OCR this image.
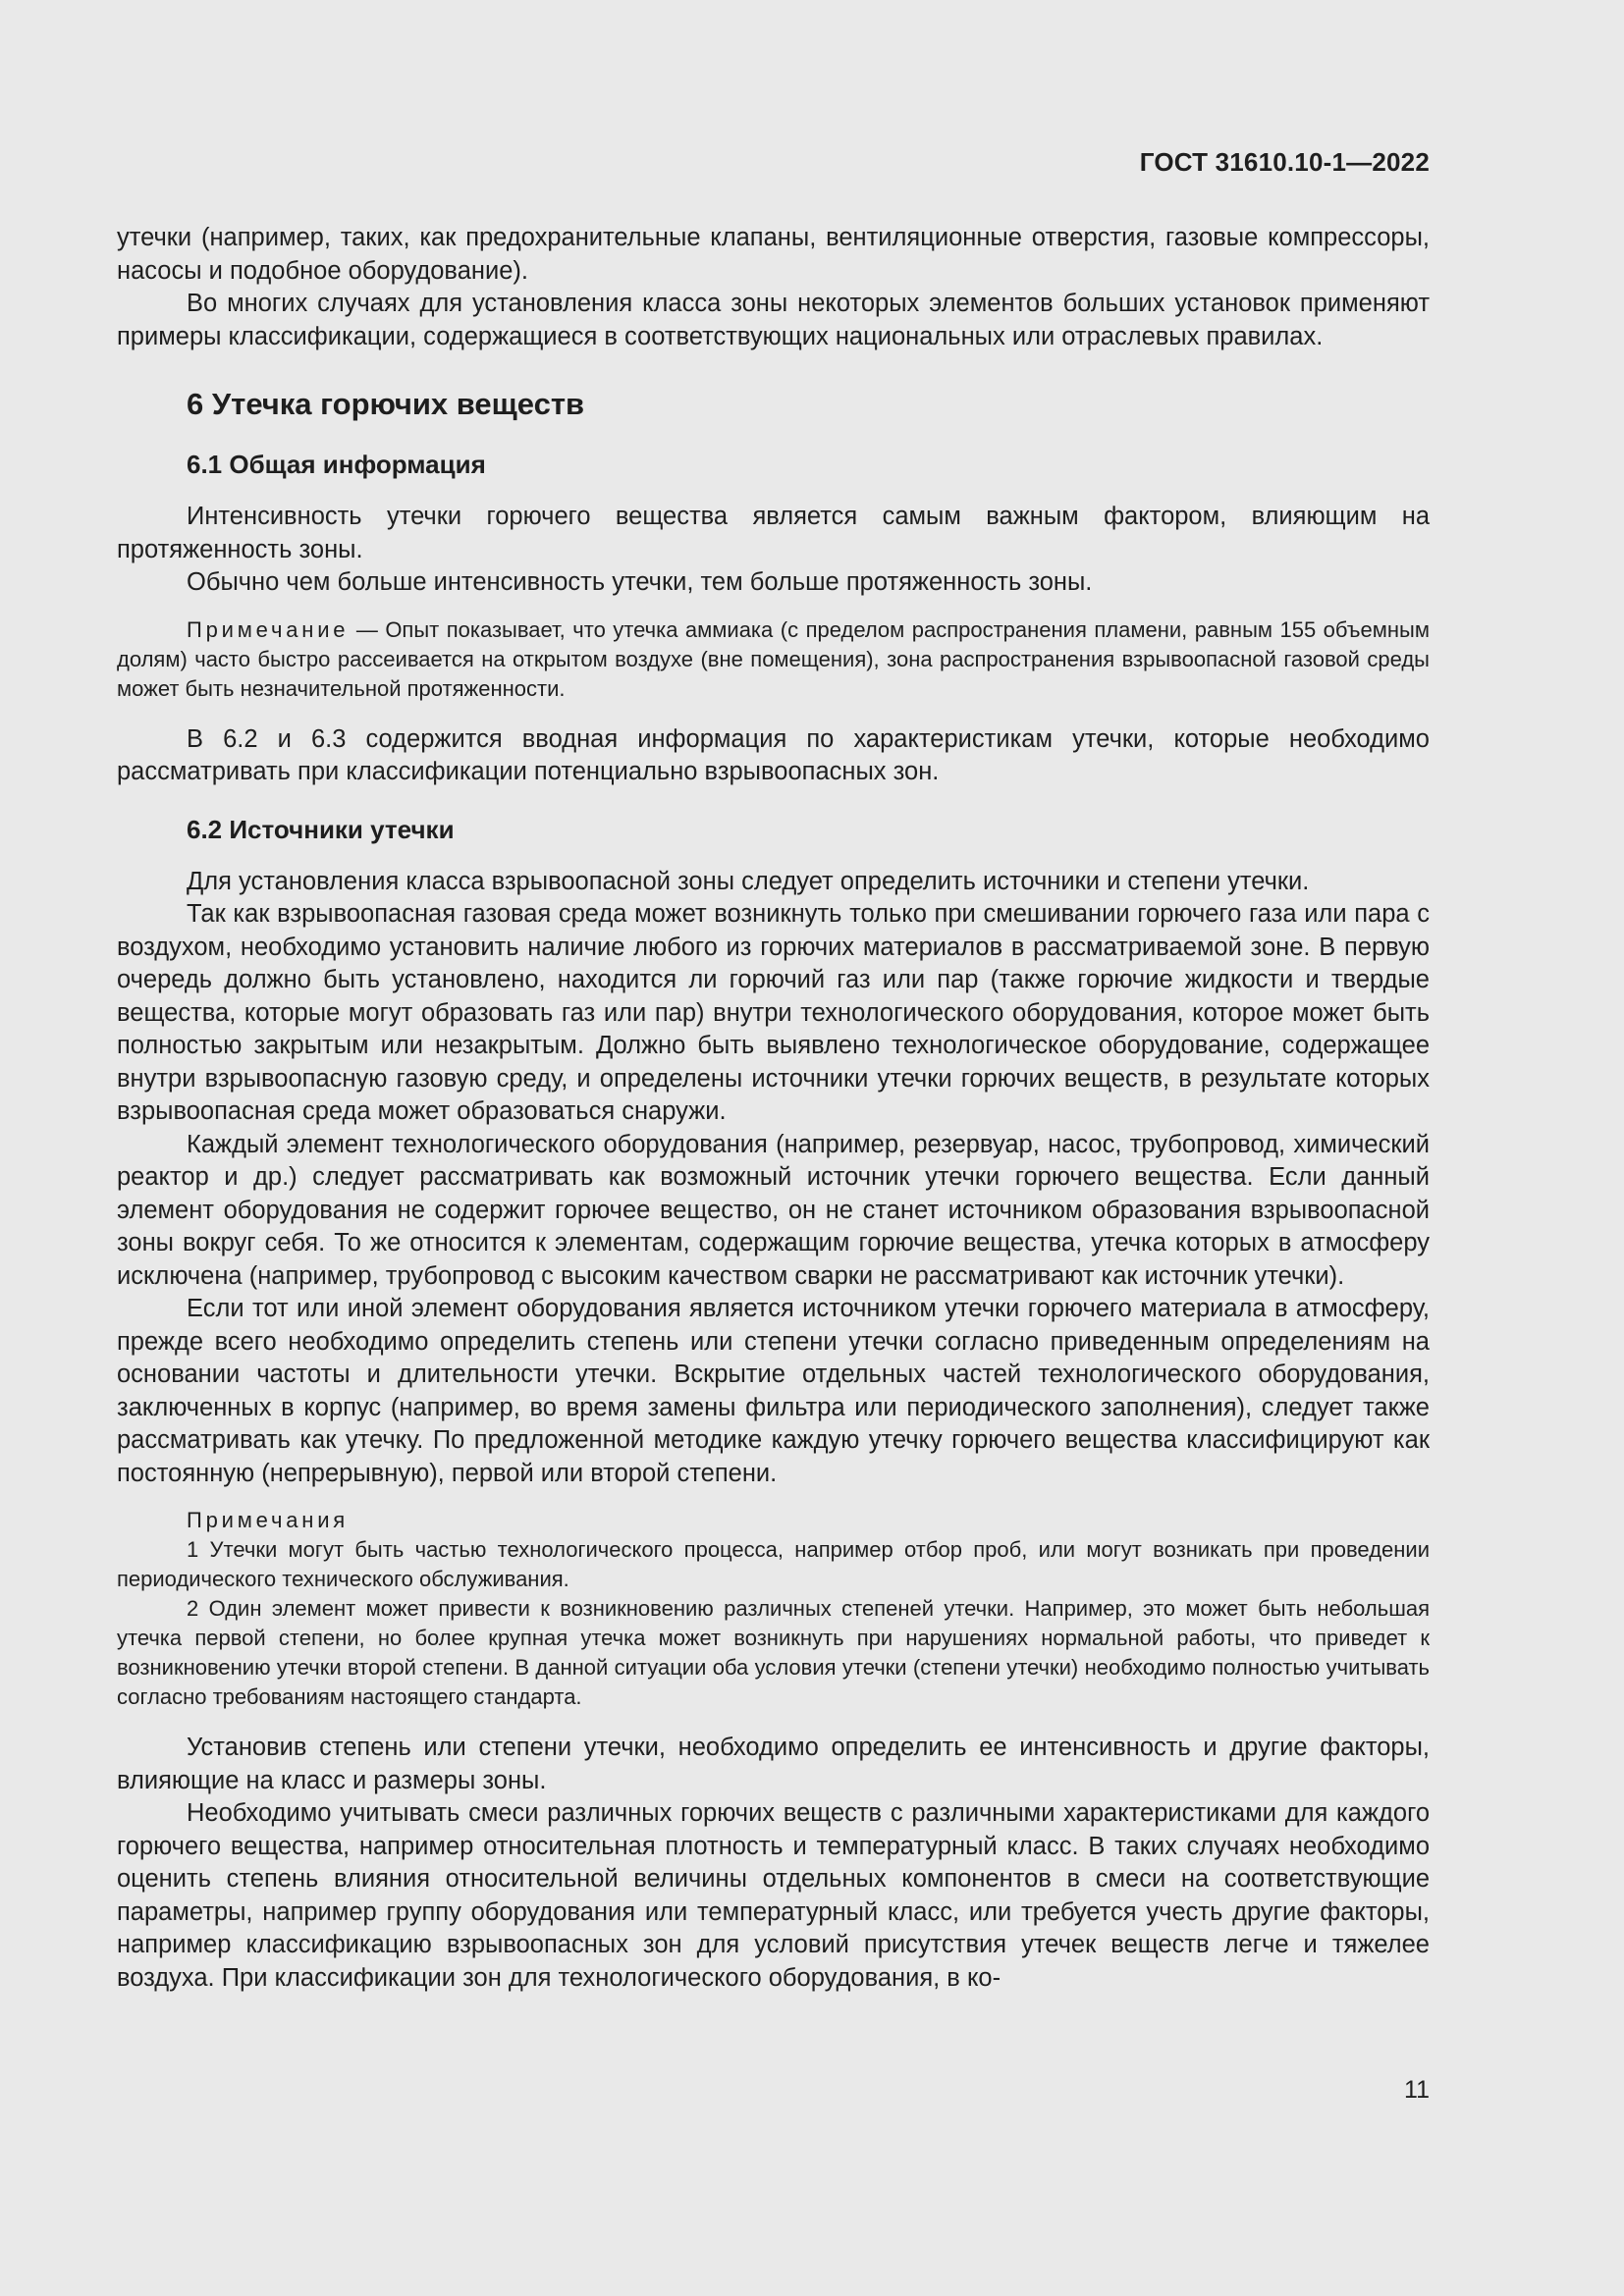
ГОСТ 31610.10-1—2022

утечки (например, таких, как предохранительные клапаны, вентиляционные отверстия, газовые компрессоры, насосы и подобное оборудование).

Во многих случаях для установления класса зоны некоторых элементов больших установок применяют примеры классификации, содержащиеся в соответствующих национальных или отраслевых правилах.

6 Утечка горючих веществ
6.1 Общая информация

Интенсивность утечки горючего вещества является самым важным фактором, влияющим на протяженность зоны.

Обычно чем больше интенсивность утечки, тем больше протяженность зоны.

Примечание — Опыт показывает, что утечка аммиака (с пределом распространения пламени, равным 155 объемным долям) часто быстро рассеивается на открытом воздухе (вне помещения), зона распространения взрывоопасной газовой среды может быть незначительной протяженности.

В 6.2 и 6.3 содержится вводная информация по характеристикам утечки, которые необходимо рассматривать при классификации потенциально взрывоопасных зон.

6.2 Источники утечки

Для установления класса взрывоопасной зоны следует определить источники и степени утечки.

Так как взрывоопасная газовая среда может возникнуть только при смешивании горючего газа или пара с воздухом, необходимо установить наличие любого из горючих материалов в рассматриваемой зоне. В первую очередь должно быть установлено, находится ли горючий газ или пар (также горючие жидкости и твердые вещества, которые могут образовать газ или пар) внутри технологического оборудования, которое может быть полностью закрытым или незакрытым. Должно быть выявлено технологическое оборудование, содержащее внутри взрывоопасную газовую среду, и определены источники утечки горючих веществ, в результате которых взрывоопасная среда может образоваться снаружи.

Каждый элемент технологического оборудования (например, резервуар, насос, трубопровод, химический реактор и др.) следует рассматривать как возможный источник утечки горючего вещества. Если данный элемент оборудования не содержит горючее вещество, он не станет источником образования взрывоопасной зоны вокруг себя. То же относится к элементам, содержащим горючие вещества, утечка которых в атмосферу исключена (например, трубопровод с высоким качеством сварки не рассматривают как источник утечки).

Если тот или иной элемент оборудования является источником утечки горючего материала в атмосферу, прежде всего необходимо определить степень или степени утечки согласно приведенным определениям на основании частоты и длительности утечки. Вскрытие отдельных частей технологического оборудования, заключенных в корпус (например, во время замены фильтра или периодического заполнения), следует также рассматривать как утечку. По предложенной методике каждую утечку горючего вещества классифицируют как постоянную (непрерывную), первой или второй степени.

Примечания
1 Утечки могут быть частью технологического процесса, например отбор проб, или могут возникать при проведении периодического технического обслуживания.
2 Один элемент может привести к возникновению различных степеней утечки. Например, это может быть небольшая утечка первой степени, но более крупная утечка может возникнуть при нарушениях нормальной работы, что приведет к возникновению утечки второй степени. В данной ситуации оба условия утечки (степени утечки) необходимо полностью учитывать согласно требованиям настоящего стандарта.

Установив степень или степени утечки, необходимо определить ее интенсивность и другие факторы, влияющие на класс и размеры зоны.

Необходимо учитывать смеси различных горючих веществ с различными характеристиками для каждого горючего вещества, например относительная плотность и температурный класс. В таких случаях необходимо оценить степень влияния относительной величины отдельных компонентов в смеси на соответствующие параметры, например группу оборудования или температурный класс, или требуется учесть другие факторы, например классификацию взрывоопасных зон для условий присутствия утечек веществ легче и тяжелее воздуха. При классификации зон для технологического оборудования, в ко-

11
